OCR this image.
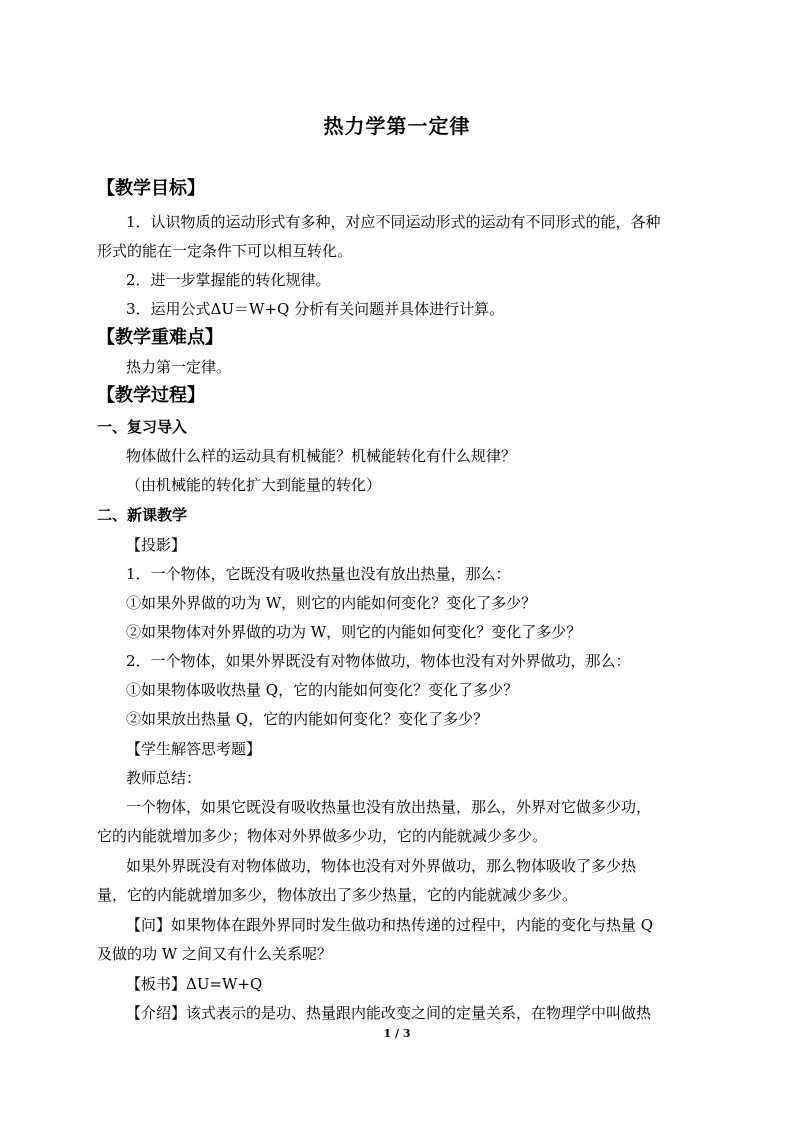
热力学第一定律
【教学目标】
1．认识物质的运动形式有多种，对应不同运动形式的运动有不同形式的能，各种
形式的能在一定条件下可以相互转化。
2．进一步掌握能的转化规律。
3．运用公式ΔU＝W+Q 分析有关问题并具体进行计算。
【教学重难点】
热力第一定律。
【教学过程】
一、复习导入
物体做什么样的运动具有机械能？机械能转化有什么规律？
（由机械能的转化扩大到能量的转化）
二、新课教学
【投影】
1．一个物体，它既没有吸收热量也没有放出热量，那么：
①如果外界做的功为 W，则它的内能如何变化？变化了多少？
②如果物体对外界做的功为 W，则它的内能如何变化？变化了多少？
2．一个物体，如果外界既没有对物体做功，物体也没有对外界做功，那么：
①如果物体吸收热量 Q，它的内能如何变化？变化了多少？
②如果放出热量 Q，它的内能如何变化？变化了多少？
【学生解答思考题】
教师总结：
一个物体，如果它既没有吸收热量也没有放出热量，那么，外界对它做多少功，
它的内能就增加多少；物体对外界做多少功，它的内能就减少多少。
如果外界既没有对物体做功，物体也没有对外界做功，那么物体吸收了多少热
量，它的内能就增加多少，物体放出了多少热量，它的内能就减少多少。
【问】如果物体在跟外界同时发生做功和热传递的过程中，内能的变化与热量 Q
及做的功 W 之间又有什么关系呢？
【板书】ΔU=W+Q
【介绍】该式表示的是功、热量跟内能改变之间的定量关系，在物理学中叫做热
1 / 3
